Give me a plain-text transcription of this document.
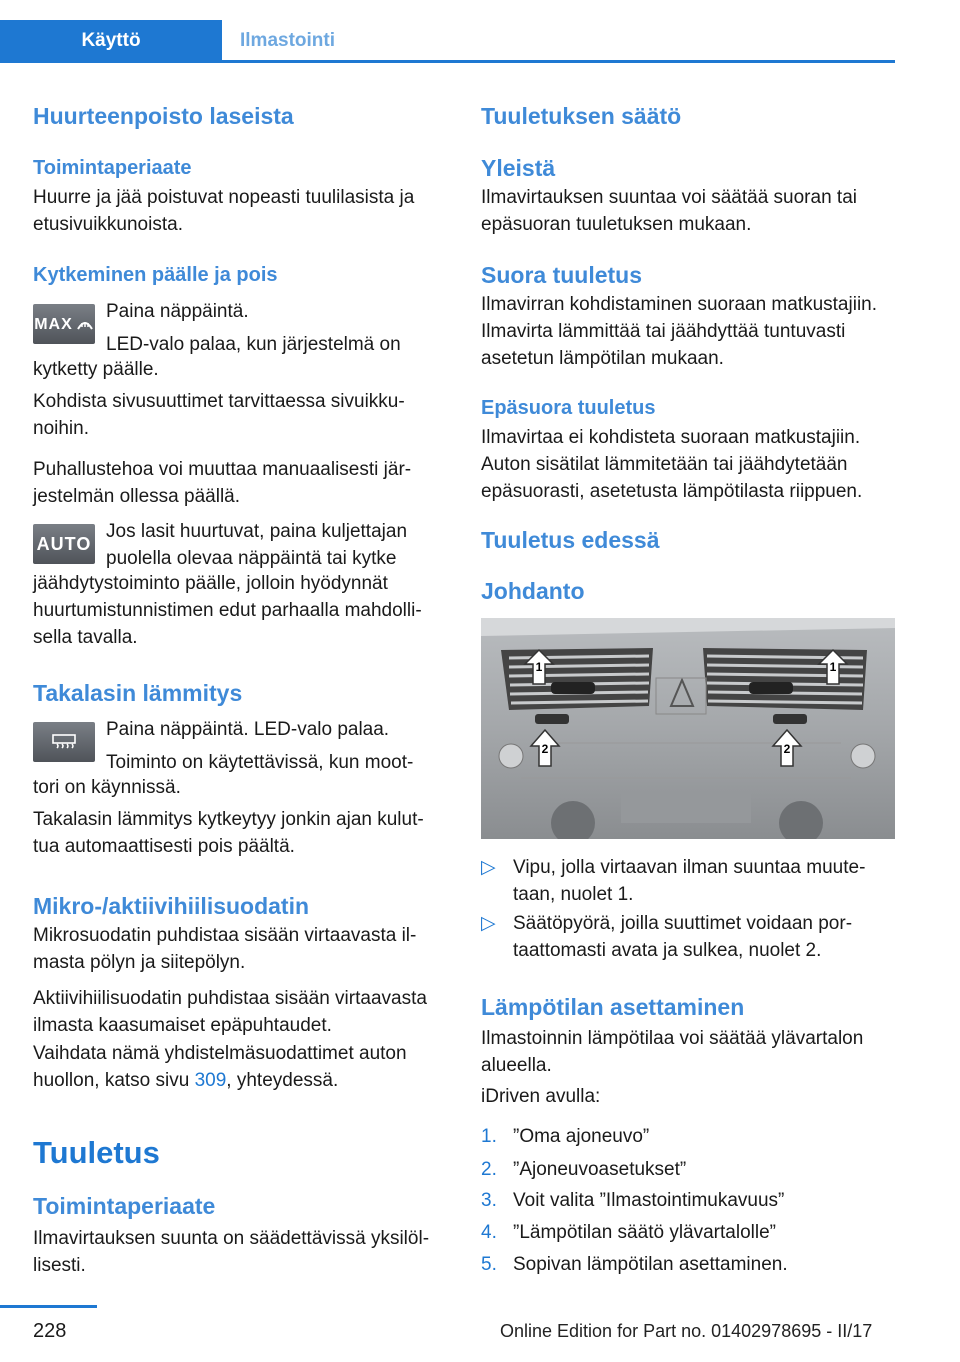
Käyttö	Ilmastointi
Huurteenpoisto laseista
Toimintaperiaate

Huurre ja jää poistuvat nopeasti tuulilasista ja etusivuikkunoista.

Kytkeminen päälle ja pois
MAX

Paina näppäintä.

LED-valo palaa, kun järjestelmä on

kytketty päälle.

Kohdista sivusuuttimet tarvittaessa sivuikku-noihin.

Puhallustehoa voi muuttaa manuaalisesti jär-jestelmän ollessa päällä.

AUTO

Jos lasit huurtuvat, paina kuljettajan

puolella olevaa näppäintä tai kytke

jäähdytystoiminto päälle, jolloin hyödynnät huurtumistunnistimen edut parhaalla mahdolli-sella tavalla.

Takalasin lämmitys

Paina näppäintä. LED-valo palaa.

Toiminto on käytettävissä, kun moot-

tori on käynnissä.

Takalasin lämmitys kytkeytyy jonkin ajan kulut-tua automaattisesti pois päältä.

Mikro-/aktiivihiilisuodatin

Mikrosuodatin puhdistaa sisään virtaavasta il-masta pölyn ja siitepölyn.

Aktiivihiilisuodatin puhdistaa sisään virtaavasta ilmasta kaasumaiset epäpuhtaudet.

Vaihdata nämä yhdistelmäsuodattimet auton huollon, katso sivu 309, yhteydessä.

Tuuletus
Toimintaperiaate

Ilmavirtauksen suunta on säädettävissä yksilöl-lisesti.

Tuuletuksen säätö
Yleistä

Ilmavirtauksen suuntaa voi säätää suoran tai epäsuoran tuuletuksen mukaan.

Suora tuuletus

Ilmavirran kohdistaminen suoraan matkustajiin. Ilmavirta lämmittää tai jäähdyttää tuntuvasti asetetun lämpötilan mukaan.

Epäsuora tuuletus

Ilmavirtaa ei kohdisteta suoraan matkustajiin. Auton sisätilat lämmitetään tai jäähdytetään epäsuorasti, asetetusta lämpötilasta riippuen.

Tuuletus edessä
Johdanto
1	1
2	2
▷ Vipu, jolla virtaavan ilman suuntaa muute-taan, nuolet 1.
▷ Säätöpyörä, joilla suuttimet voidaan por-taattomasti avata ja sulkea, nuolet 2.
Lämpötilan asettaminen

Ilmastoinnin lämpötilaa voi säätää ylävartalon alueella.

iDriven avulla:

1. ”Oma ajoneuvo”
2. ”Ajoneuvoasetukset”
3. Voit valita ”Ilmastointimukavuus”
4. ”Lämpötilan säätö ylävartalolle”
5. Sopivan lämpötilan asettaminen.
228	Online Edition for Part no. 01402978695 - II/17
